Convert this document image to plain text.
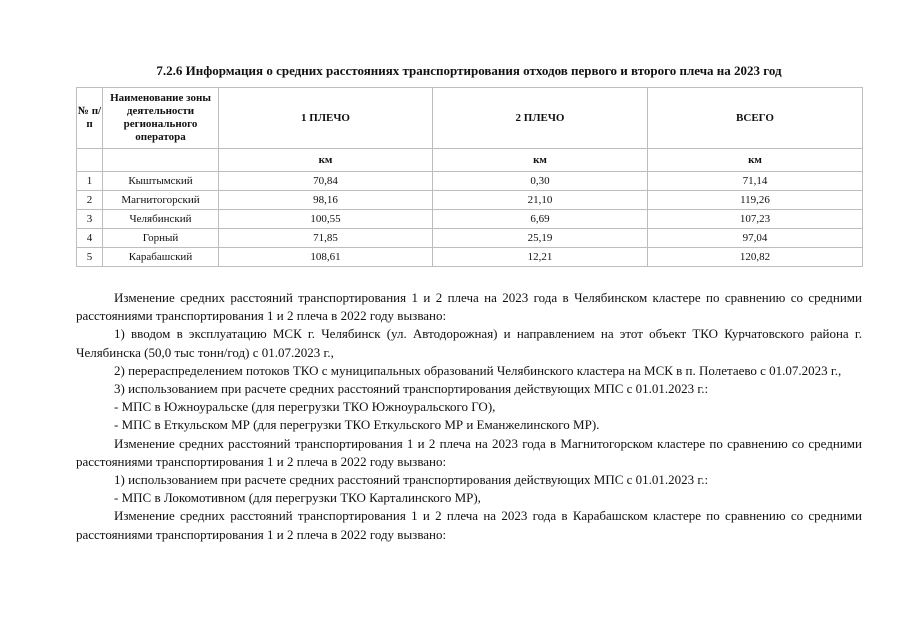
7.2.6 Информация о средних расстояниях транспортирования отходов первого и второго плеча на 2023 год
№ п/п	Наименование зоны деятельности регионального оператора	1 ПЛЕЧО	2 ПЛЕЧО	ВСЕГО
		км	км	км
1	Кыштымский	70,84	0,30	71,14
2	Магнитогорский	98,16	21,10	119,26
3	Челябинский	100,55	6,69	107,23
4	Горный	71,85	25,19	97,04
5	Карабашский	108,61	12,21	120,82

Изменение средних расстояний транспортирования 1 и 2 плеча на 2023 года в Челябинском кластере по сравнению со средними расстояниями транспортирования 1 и 2 плеча в 2022 году вызвано:

1) вводом в эксплуатацию МСК г. Челябинск (ул. Автодорожная) и направлением на этот объект ТКО Курчатовского района г. Челябинска (50,0 тыс тонн/год) с 01.07.2023 г.,

2) перераспределением потоков ТКО с муниципальных образований Челябинского кластера на МСК в п. Полетаево с 01.07.2023 г.,

3) использованием при расчете средних расстояний транспортирования действующих МПС с 01.01.2023 г.:

- МПС в Южноуральске (для перегрузки ТКО Южноуральского ГО),

- МПС в Еткульском МР (для перегрузки ТКО Еткульского МР и Еманжелинского МР).

Изменение средних расстояний транспортирования 1 и 2 плеча на 2023 года в Магнитогорском кластере по сравнению со средними расстояниями транспортирования 1 и 2 плеча в 2022 году вызвано:

1) использованием при расчете средних расстояний транспортирования действующих МПС с 01.01.2023 г.:

- МПС в Локомотивном (для перегрузки ТКО Карталинского МР),

Изменение средних расстояний транспортирования 1 и 2 плеча на 2023 года в Карабашском кластере по сравнению со средними расстояниями транспортирования 1 и 2 плеча в 2022 году вызвано:
